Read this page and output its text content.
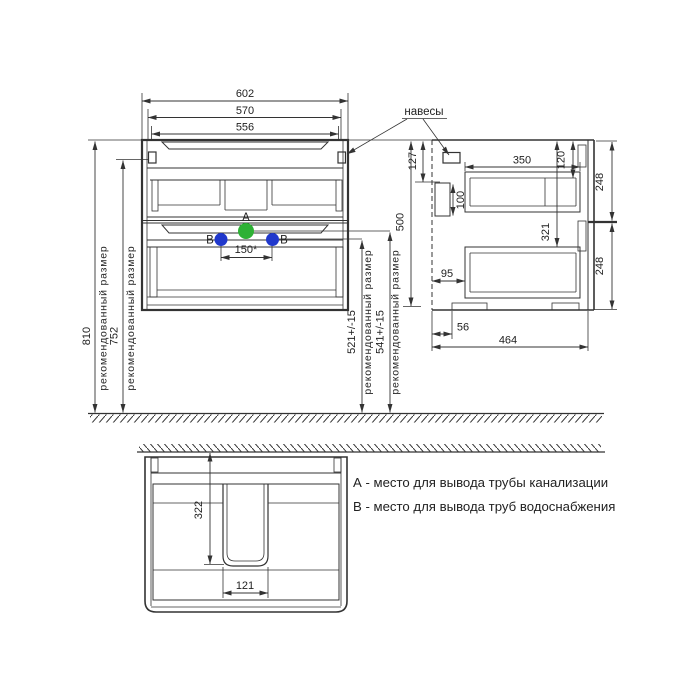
A
B	B
150*
602
570
556
810 рекомендованный размер 752 рекомендованный размер	521+/-15 рекомендованный размер 541+/-15 рекомендованный размер
500
127
навесы
100
350 120
321
95
56
464
248
248
322
121
А - место для вывода трубы канализации
В - место для вывода труб водоснабжения
